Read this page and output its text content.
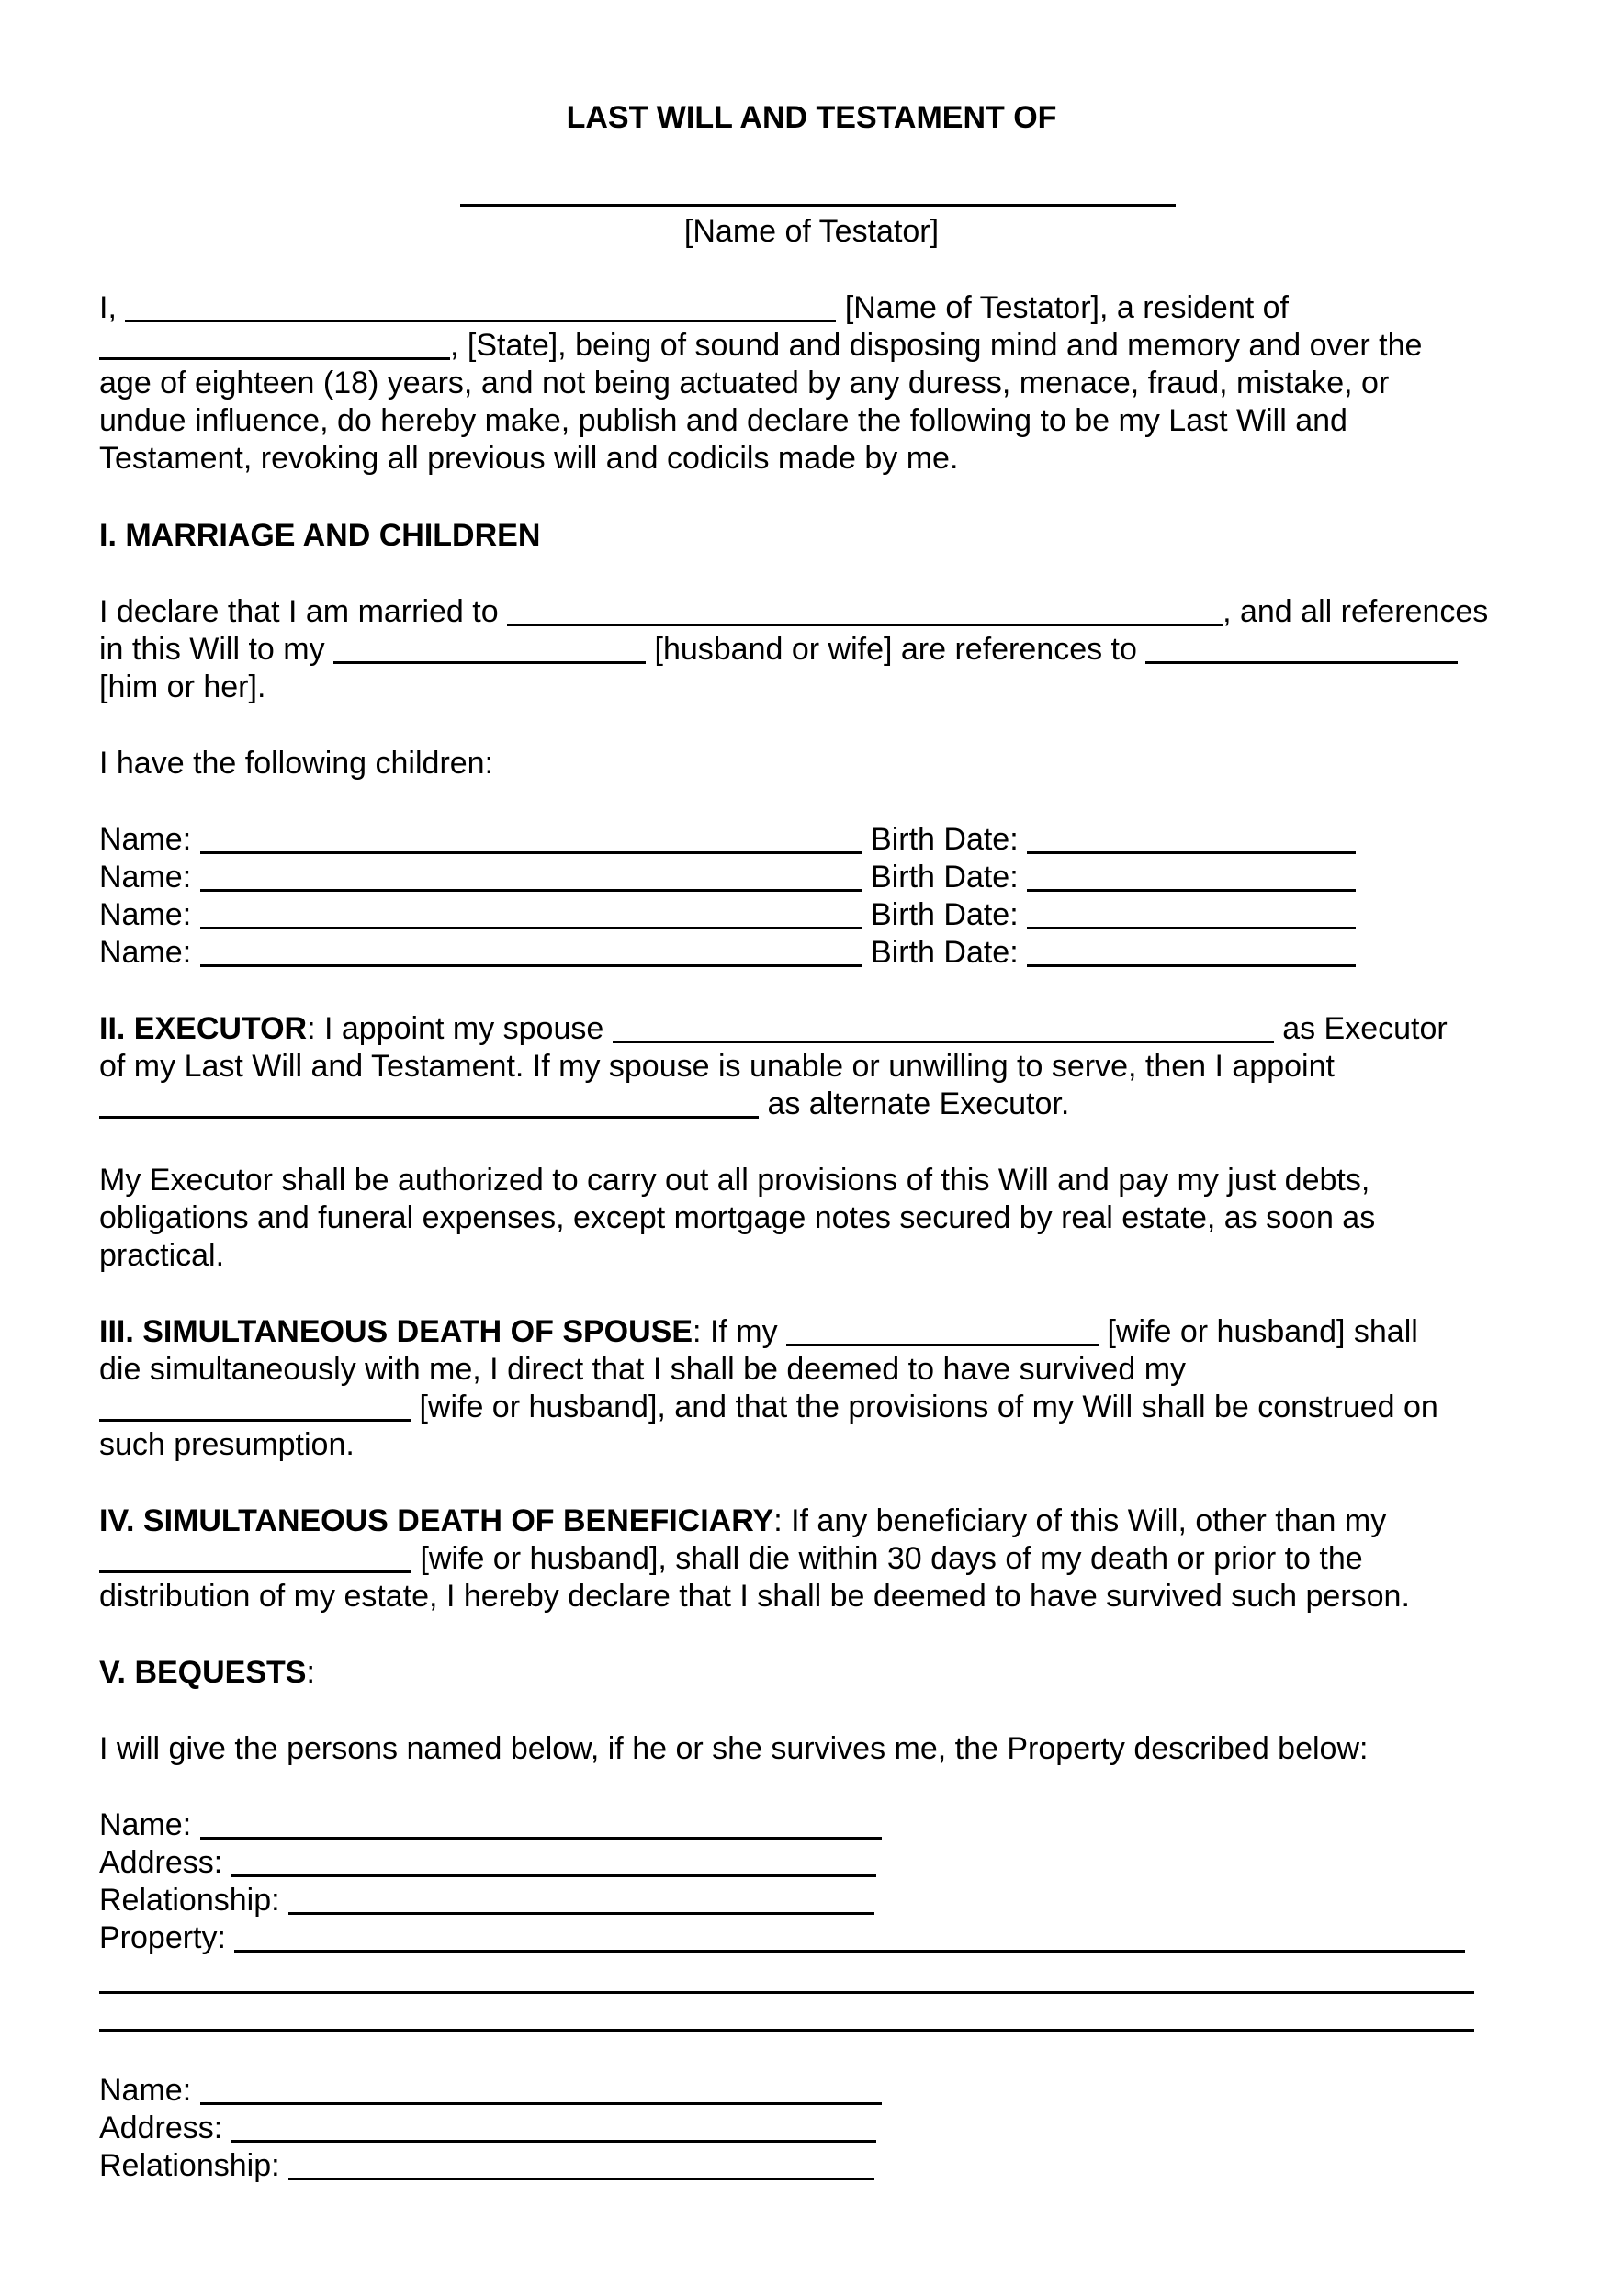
LAST WILL AND TESTAMENT OF
[Name of Testator]
I,	[Name of Testator], a resident of
, [State], being of sound and disposing mind and memory and over the
age of eighteen (18) years, and not being actuated by any duress, menace, fraud, mistake, or
undue influence, do hereby make, publish and declare the following to be my Last Will and
Testament, revoking all previous will and codicils made by me.
I. MARRIAGE AND CHILDREN
I declare that I am married to	, and all references
in this Will to my	[husband or wife] are references to
[him or her].
I have the following children:
Name:	Birth Date:
Name:	Birth Date:
Name:	Birth Date:
Name:	Birth Date:
II. EXECUTOR: I appoint my spouse	as Executor
of my Last Will and Testament. If my spouse is unable or unwilling to serve, then I appoint
as alternate Executor.
My Executor shall be authorized to carry out all provisions of this Will and pay my just debts,
obligations and funeral expenses, except mortgage notes secured by real estate, as soon as
practical.
III. SIMULTANEOUS DEATH OF SPOUSE: If my	[wife or husband] shall
die simultaneously with me, I direct that I shall be deemed to have survived my
[wife or husband], and that the provisions of my Will shall be construed on
such presumption.
IV. SIMULTANEOUS DEATH OF BENEFICIARY: If any beneficiary of this Will, other than my
[wife or husband], shall die within 30 days of my death or prior to the
distribution of my estate, I hereby declare that I shall be deemed to have survived such person.
V. BEQUESTS:
I will give the persons named below, if he or she survives me, the Property described below:
Name:
Address:
Relationship:
Property:
Name:
Address:
Relationship:
